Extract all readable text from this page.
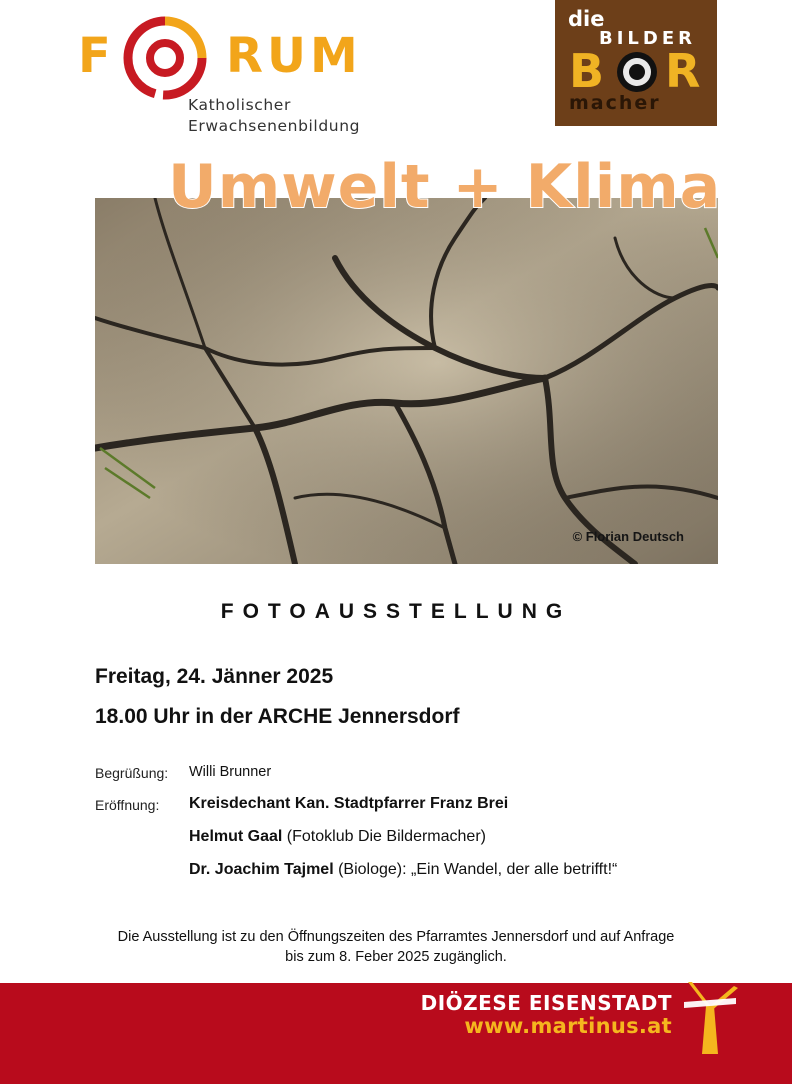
F RUM
Katholischer
Erwachsenenbildung
die
BILDER
B R
macher
© Florian Deutsch
Umwelt + Klima
FOTOAUSSTELLUNG
Freitag, 24. Jänner 2025
18.00 Uhr in der ARCHE Jennersdorf
Begrüßung: Willi Brunner
Eröffnung: Kreisdechant Kan. Stadtpfarrer Franz Brei
Helmut Gaal (Fotoklub Die Bildermacher)
Dr. Joachim Tajmel (Biologe): „Ein Wandel, der alle betrifft!“
Die Ausstellung ist zu den Öffnungszeiten des Pfarramtes Jennersdorf und auf Anfrage
bis zum 8. Feber 2025 zugänglich.
DIÖZESE EISENSTADT
www.martinus.at
